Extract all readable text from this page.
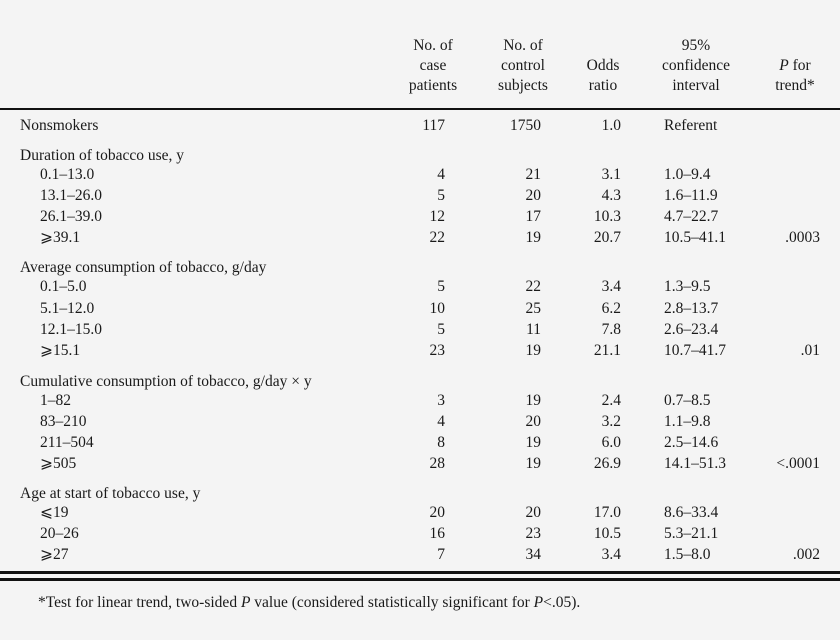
No. of
case
patients
No. of
control
subjects
Odds
ratio
95%
confidence
interval
P for
trend*
Nonsmokers	117	1750	1.0	Referent
Duration of tobacco use, y
0.1–13.0	4	21	3.1	1.0–9.4
13.1–26.0	5	20	4.3	1.6–11.9
26.1–39.0	12	17	10.3	4.7–22.7
⩾39.1	22	19	20.7	10.5–41.1	.0003
Average consumption of tobacco, g/day
0.1–5.0	5	22	3.4	1.3–9.5
5.1–12.0	10	25	6.2	2.8–13.7
12.1–15.0	5	11	7.8	2.6–23.4
⩾15.1	23	19	21.1	10.7–41.7	.01
Cumulative consumption of tobacco, g/day × y
1–82	3	19	2.4	0.7–8.5
83–210	4	20	3.2	1.1–9.8
211–504	8	19	6.0	2.5–14.6
⩾505	28	19	26.9	14.1–51.3	<.0001
Age at start of tobacco use, y
⩽19	20	20	17.0	8.6–33.4
20–26	16	23	10.5	5.3–21.1
⩾27	7	34	3.4	1.5–8.0	.002
*Test for linear trend, two-sided P value (considered statistically significant for P<.05).
